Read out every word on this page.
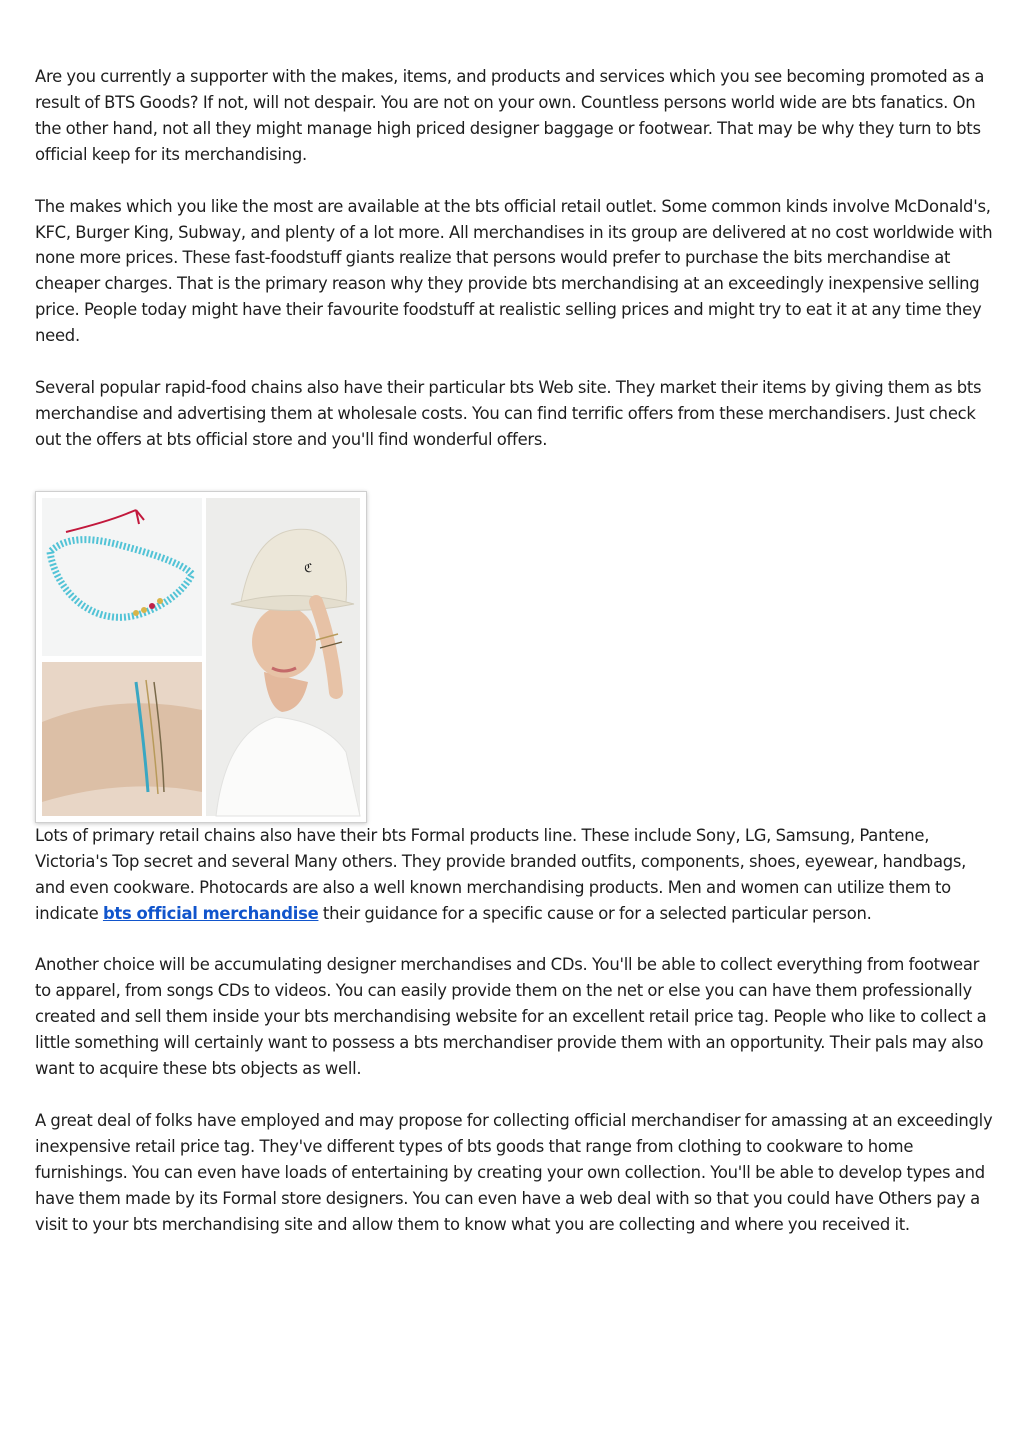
Are you currently a supporter with the makes, items, and products and services which you see becoming promoted as a result of BTS Goods? If not, will not despair. You are not on your own. Countless persons world wide are bts fanatics. On the other hand, not all they might manage high priced designer baggage or footwear. That may be why they turn to bts official keep for its merchandising.

The makes which you like the most are available at the bts official retail outlet. Some common kinds involve McDonald's, KFC, Burger King, Subway, and plenty of a lot more. All merchandises in its group are delivered at no cost worldwide with none more prices. These fast-foodstuff giants realize that persons would prefer to purchase the bits merchandise at cheaper charges. That is the primary reason why they provide bts merchandising at an exceedingly inexpensive selling price. People today might have their favourite foodstuff at realistic selling prices and might try to eat it at any time they need.

Several popular rapid-food chains also have their particular bts Web site. They market their items by giving them as bts merchandise and advertising them at wholesale costs. You can find terrific offers from these merchandisers. Just check out the offers at bts official store and you'll find wonderful offers.

ℭ

Lots of primary retail chains also have their bts Formal products line. These include Sony, LG, Samsung, Pantene, Victoria's Top secret and several Many others. They provide branded outfits, components, shoes, eyewear, handbags, and even cookware. Photocards are also a well known merchandising products. Men and women can utilize them to indicate bts official merchandise their guidance for a specific cause or for a selected particular person.

Another choice will be accumulating designer merchandises and CDs. You'll be able to collect everything from footwear to apparel, from songs CDs to videos. You can easily provide them on the net or else you can have them professionally created and sell them inside your bts merchandising website for an excellent retail price tag. People who like to collect a little something will certainly want to possess a bts merchandiser provide them with an opportunity. Their pals may also want to acquire these bts objects as well.

A great deal of folks have employed and may propose for collecting official merchandiser for amassing at an exceedingly inexpensive retail price tag. They've different types of bts goods that range from clothing to cookware to home furnishings. You can even have loads of entertaining by creating your own collection. You'll be able to develop types and have them made by its Formal store designers. You can even have a web deal with so that you could have Others pay a visit to your bts merchandising site and allow them to know what you are collecting and where you received it.
